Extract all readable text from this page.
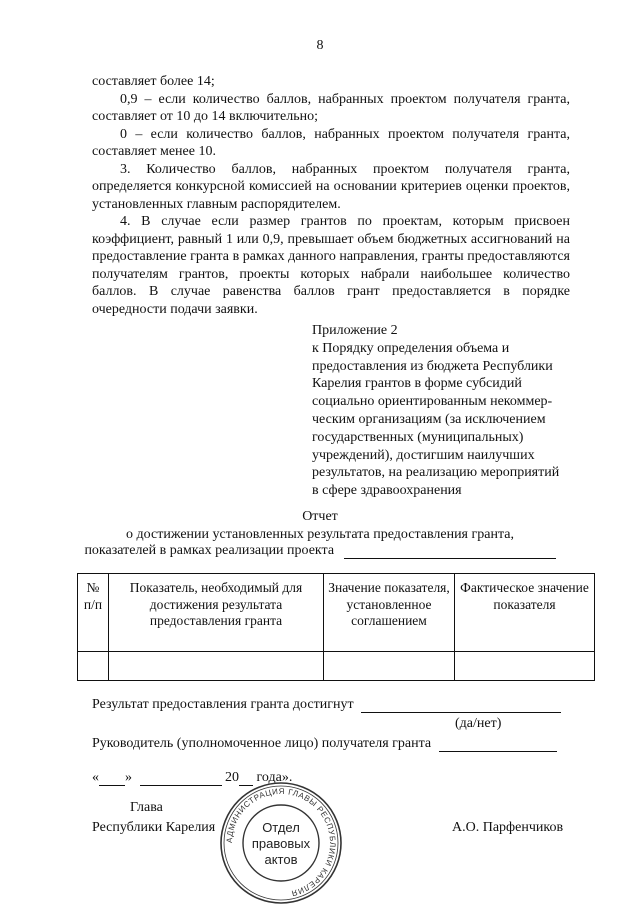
8

составляет более 14;

0,9 – если количество баллов, набранных проектом получателя гранта, составляет от 10 до 14 включительно;

0 – если количество баллов, набранных проектом получателя гранта, составляет менее 10.

3. Количество баллов, набранных проектом получателя гранта, определяется конкурсной комиссией на основании критериев оценки проектов, установленных главным распорядителем.

4. В случае если размер грантов по проектам, которым присвоен коэффициент, равный 1 или 0,9, превышает объем бюджетных ассигнований на предоставление гранта в рамках данного направления, гранты предоставляются получателям грантов, проекты которых набрали наибольшее количество баллов. В случае равенства баллов грант предоставляется в порядке очередности подачи заявки.

Приложение 2
к Порядку определения объема и
предоставления из бюджета Республики
Карелия грантов в форме субсидий
социально ориентированным некоммер-
ческим организациям (за исключением
государственных (муниципальных)
учреждений), достигшим наилучших
результатов, на реализацию мероприятий
в сфере здравоохранения
Отчет
о достижении установленных результата предоставления гранта,
показателей в рамках реализации проекта
№ п/п	Показатель, необходимый для достижения результата предоставления гранта	Значение показателя, установленное соглашением	Фактическое значение показателя

Результат предоставления гранта достигнут
(да/нет)
Руководитель (уполномоченное лицо) получателя гранта
« »	20 года».
Глава
Республики Карелия	А.О. Парфенчиков
АДМИНИСТРАЦИЯ ГЛАВЫ РЕСПУБЛИКИ КАРЕЛИЯ
Отдел
правовых
актов
